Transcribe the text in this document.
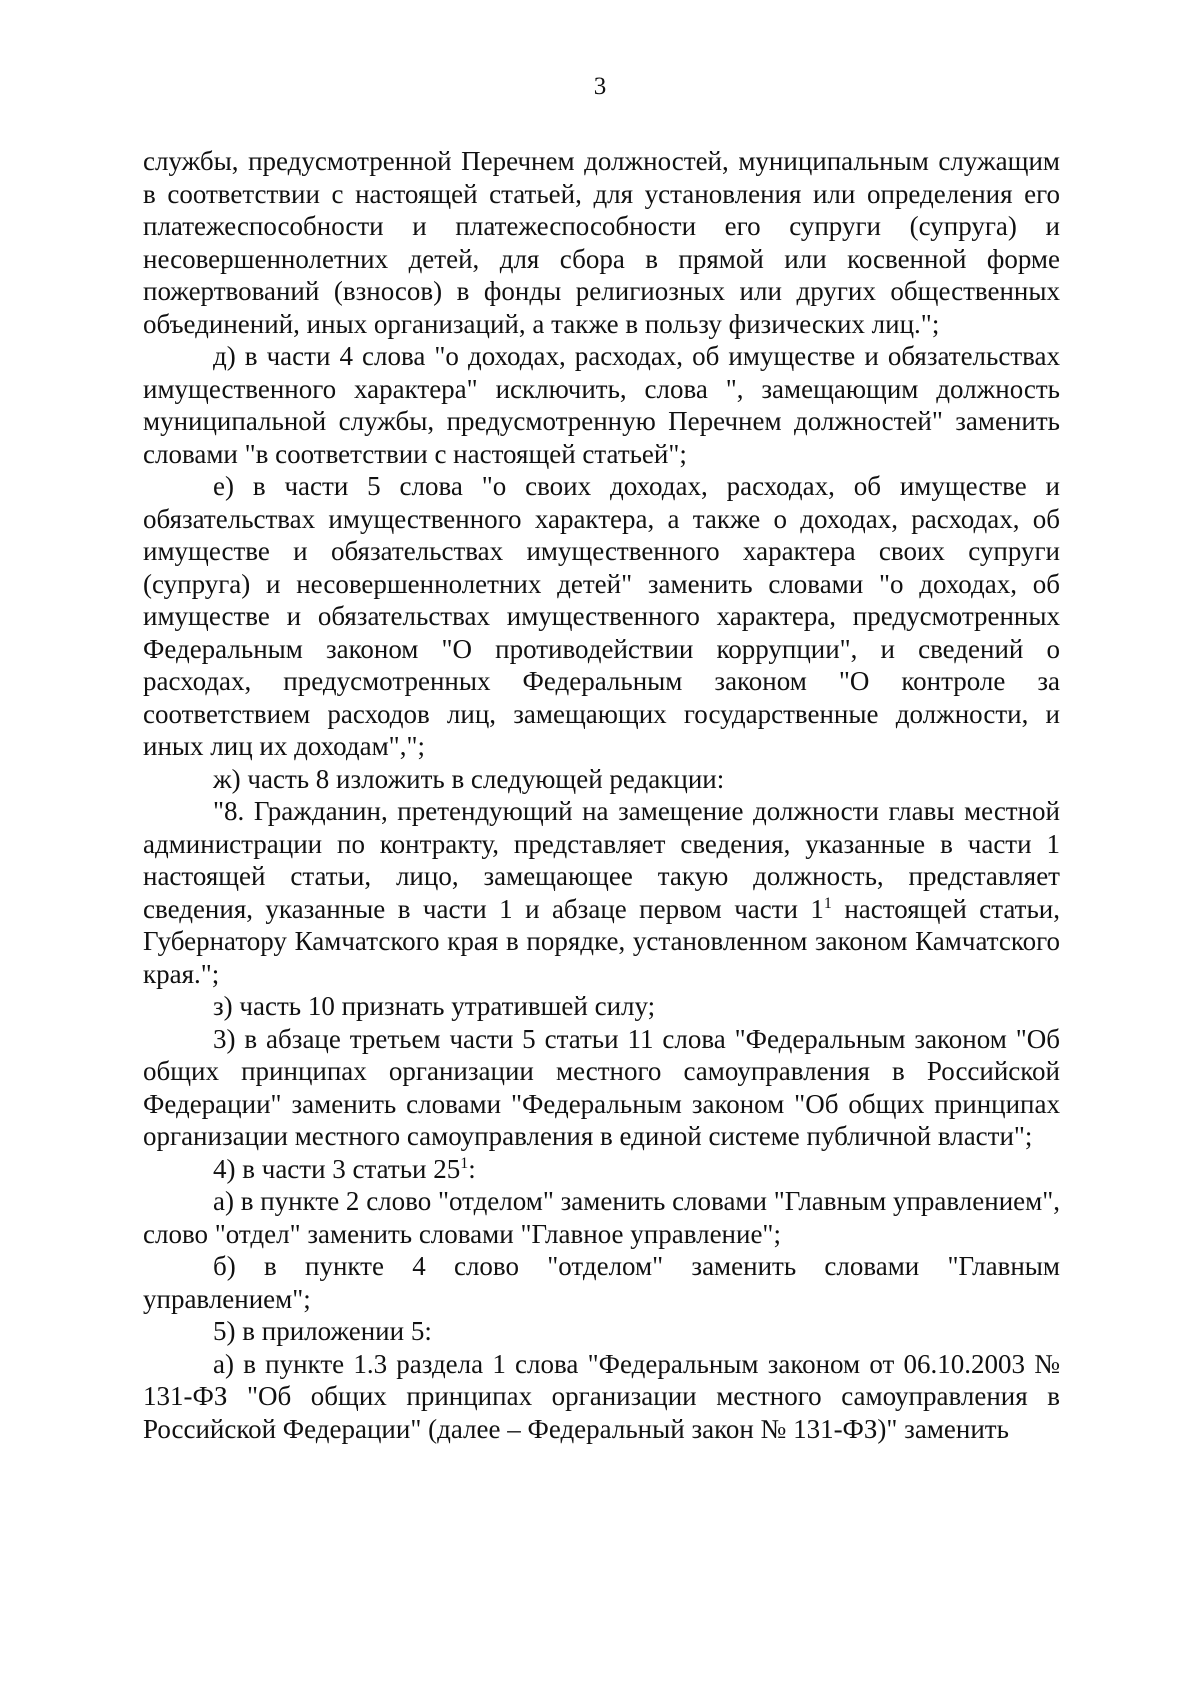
3

службы, предусмотренной Перечнем должностей, муниципальным служащим в соответствии с настоящей статьей, для установления или определения его платежеспособности и платежеспособности его супруги (супруга) и несовершеннолетних детей, для сбора в прямой или косвенной форме пожертвований (взносов) в фонды религиозных или других общественных объединений, иных организаций, а также в пользу физических лиц.";

д) в части 4 слова "о доходах, расходах, об имуществе и обязательствах имущественного характера" исключить, слова ", замещающим должность муниципальной службы, предусмотренную Перечнем должностей" заменить словами "в соответствии с настоящей статьей";

е) в части 5 слова "о своих доходах, расходах, об имуществе и обязательствах имущественного характера, а также о доходах, расходах, об имуществе и обязательствах имущественного характера своих супруги (супруга) и несовершеннолетних детей" заменить словами "о доходах, об имуществе и обязательствах имущественного характера, предусмотренных Федеральным законом "О противодействии коррупции", и сведений о расходах, предусмотренных Федеральным законом "О контроле за соответствием расходов лиц, замещающих государственные должности, и иных лиц их доходам",";

ж) часть 8 изложить в следующей редакции:

"8. Гражданин, претендующий на замещение должности главы местной администрации по контракту, представляет сведения, указанные в части 1 настоящей статьи, лицо, замещающее такую должность, представляет сведения, указанные в части 1 и абзаце первом части $1^1$ настоящей статьи, Губернатору Камчатского края в порядке, установленном законом Камчатского края.";

з) часть 10 признать утратившей силу;

3) в абзаце третьем части 5 статьи 11 слова "Федеральным законом "Об общих принципах организации местного самоуправления в Российской Федерации" заменить словами "Федеральным законом "Об общих принципах организации местного самоуправления в единой системе публичной власти";

4) в части 3 статьи $25^1$:

а) в пункте 2 слово "отделом" заменить словами "Главным управлением", слово "отдел" заменить словами "Главное управление";

б) в пункте 4 слово "отделом" заменить словами "Главным управлением";

5) в приложении 5:

а) в пункте 1.3 раздела 1 слова "Федеральным законом от 06.10.2003 № 131-ФЗ "Об общих принципах организации местного самоуправления в Российской Федерации" (далее – Федеральный закон № 131-ФЗ)" заменить
